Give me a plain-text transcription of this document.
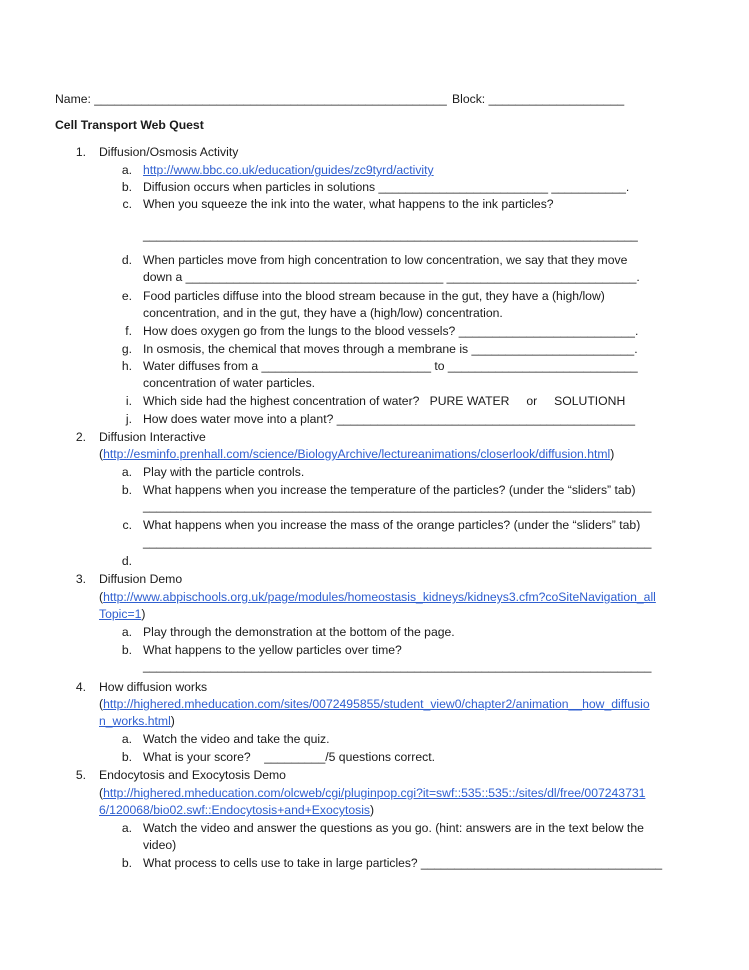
Name: ____________________________________________________ Block: ____________________
Cell Transport Web Quest
1. Diffusion/Osmosis Activity
a. http://www.bbc.co.uk/education/guides/zc9tyrd/activity
b. Diffusion occurs when particles in solutions _________________________ ___________.
c. When you squeeze the ink into the water, what happens to the ink particles?
_________________________________________________________________________
d. When particles move from high concentration to low concentration, we say that they move
down a ______________________________________ ____________________________.
e. Food particles diffuse into the blood stream because in the gut, they have a (high/low)
concentration, and in the gut, they have a (high/low) concentration.
f. How does oxygen go from the lungs to the blood vessels? __________________________.
g. In osmosis, the chemical that moves through a membrane is ________________________.
h. Water diffuses from a _________________________ to ____________________________
concentration of water particles.
i. Which side had the highest concentration of water?   PURE WATER     or     SOLUTIONH
j. How does water move into a plant? ____________________________________________
2. Diffusion Interactive
(http://esminfo.prenhall.com/science/BiologyArchive/lectureanimations/closerlook/diffusion.html)
a. Play with the particle controls.
b. What happens when you increase the temperature of the particles? (under the “sliders” tab)
___________________________________________________________________________
c. What happens when you increase the mass of the orange particles? (under the “sliders” tab)
___________________________________________________________________________
d.
3. Diffusion Demo
(http://www.abpischools.org.uk/page/modules/homeostasis_kidneys/kidneys3.cfm?coSiteNavigation_all
Topic=1)
a. Play through the demonstration at the bottom of the page.
b. What happens to the yellow particles over time?
___________________________________________________________________________
4. How diffusion works
(http://highered.mheducation.com/sites/0072495855/student_view0/chapter2/animation__how_diffusio
n_works.html)
a. Watch the video and take the quiz.
b. What is your score?    _________/5 questions correct.
5. Endocytosis and Exocytosis Demo
(http://highered.mheducation.com/olcweb/cgi/pluginpop.cgi?it=swf::535::535::/sites/dl/free/007243731
6/120068/bio02.swf::Endocytosis+and+Exocytosis)
a. Watch the video and answer the questions as you go. (hint: answers are in the text below the
video)
b. What process to cells use to take in large particles? ____________________________________
